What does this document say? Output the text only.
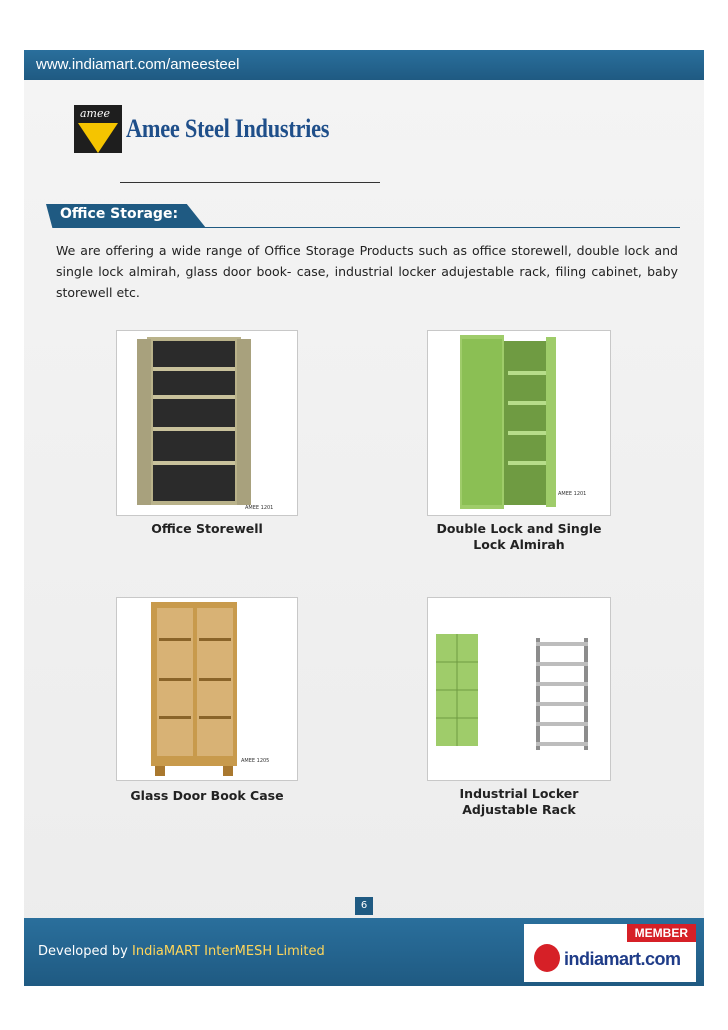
www.indiamart.com/ameesteel
amee
Amee Steel Industries
Office Storage:

We are offering a wide range of Office Storage Products such as office storewell, double lock and single lock almirah, glass door book- case, industrial locker adujestable rack, filing cabinet, baby storewell etc.

AMEE 1201
Office Storewell
AMEE 1201
Double Lock and Single Lock Almirah
AMEE 1205
Glass Door Book Case	Industrial Locker Adjustable Rack
6
Developed by IndiaMART InterMESH Limited
MEMBER
indiamart.com
